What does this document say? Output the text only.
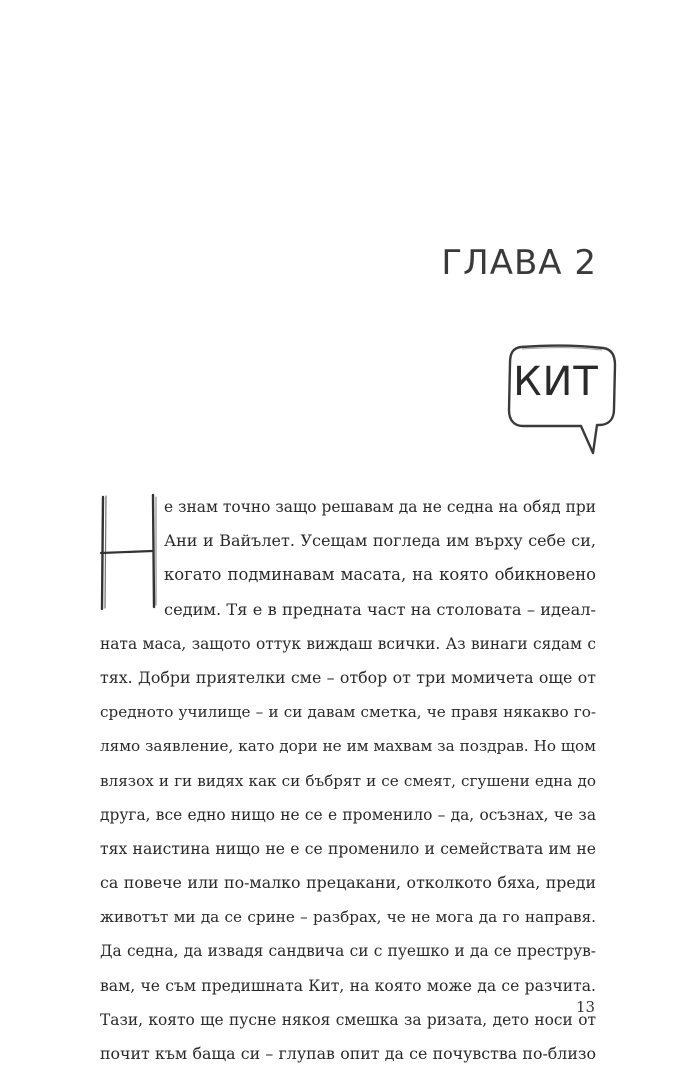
ГЛАВА 2
КИТ
е знам точно защо решавам да не седна на обяд при
Ани и Вайълет. Усещам погледа им върху себе си,
когато подминавам масата, на която обикновено
седим. Тя е в предната част на столовата – идеал-
ната маса, защото оттук виждаш всички. Аз винаги сядам с
тях. Добри приятелки сме – отбор от три момичета още от
средното училище – и си давам сметка, че правя някакво го-
лямо заявление, като дори не им махвам за поздрав. Но щом
влязох и ги видях как си бъбрят и се смеят, сгушени една до
друга, все едно нищо не се е променило – да, осъзнах, че за
тях наистина нищо не е се променило и семействата им не
са повече или по-малко прецакани, отколкото бяха, преди
животът ми да се срине – разбрах, че не мога да го направя.
Да седна, да извадя сандвича си с пуешко и да се преструв-
вам, че съм предишната Кит, на която може да се разчита.
Тази, която ще пусне някоя смешка за ризата, дето носи от
почит към баща си – глупав опит да се почувства по-близо
13
